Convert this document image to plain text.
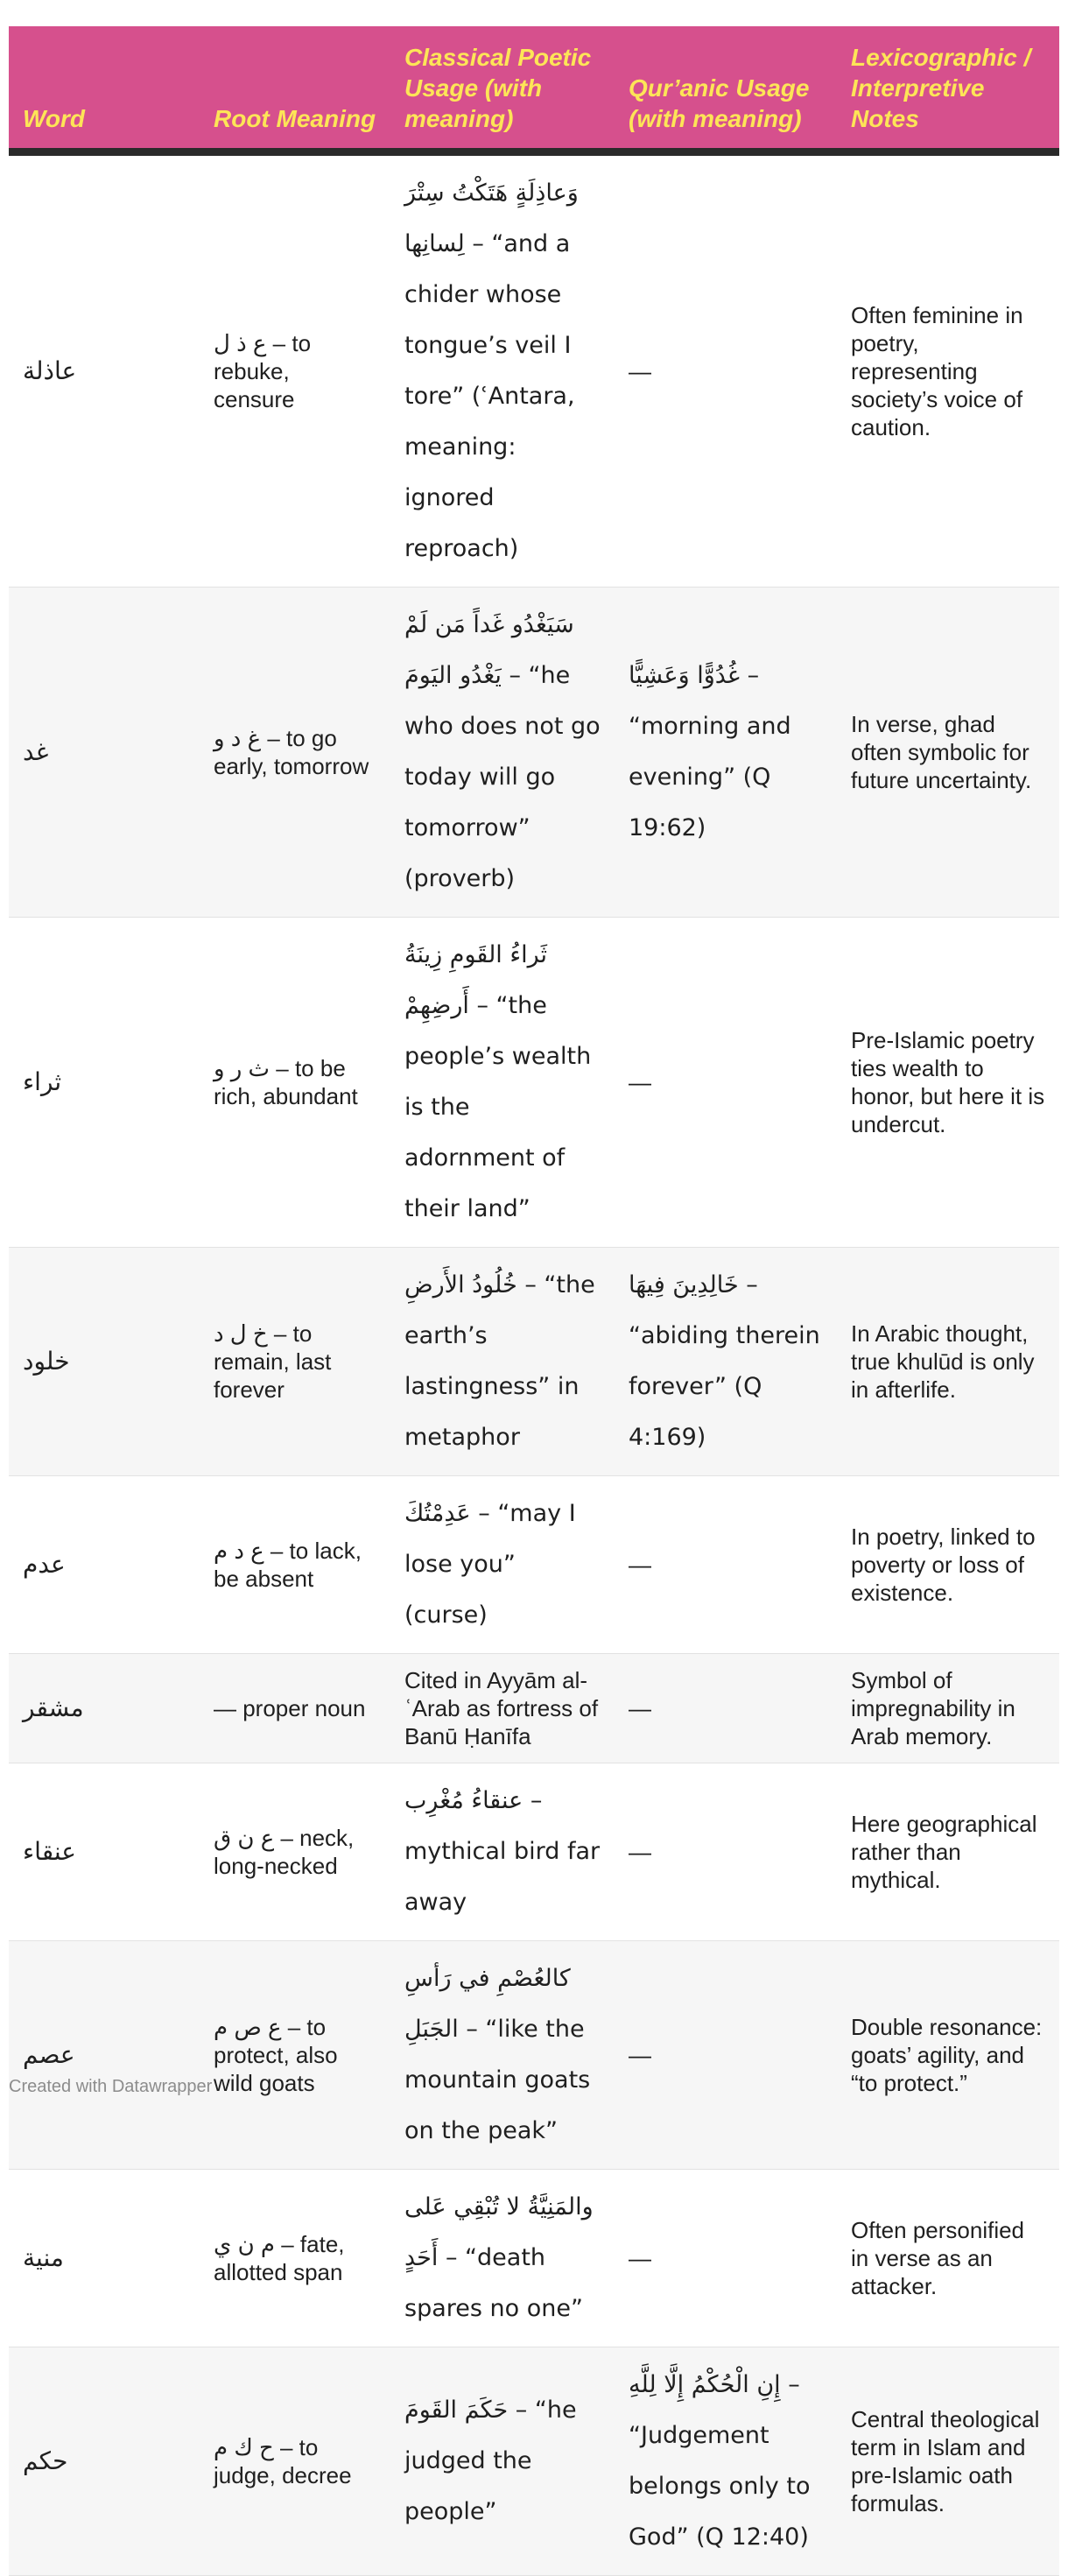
Word	Root Meaning	Classical Poetic Usage (with meaning)	Qur’anic Usage (with meaning)	Lexicographic / Interpretive Notes
عاذلة	ع ذ ل – to rebuke, censure	وَعاذِلَةٍ هَتَكْتُ سِتْرَ لِسانِها – “and a chider whose tongue’s veil I tore” (ʿAntara, meaning: ignored reproach)	—	Often feminine in poetry, representing society’s voice of caution.
غد	غ د و – to go early, tomorrow	سَيَغْدُو غَداً مَن لَمْ يَغْدُو اليَومَ – “he who does not go today will go tomorrow” (proverb)	غُدُوًّا وَعَشِيًّا – “morning and evening” (Q 19:62)	In verse, ghad often symbolic for future uncertainty.
ثراء	ث ر و – to be rich, abundant	ثَراءُ القَومِ زِينَةُ أَرضِهِمْ – “the people’s wealth is the adornment of their land”	—	Pre-Islamic poetry ties wealth to honor, but here it is undercut.
خلود	خ ل د – to remain, last forever	خُلُودُ الأَرضِ – “the earth’s lastingness” in metaphor	خَالِدِينَ فِيهَا – “abiding therein forever” (Q 4:169)	In Arabic thought, true khulūd is only in afterlife.
عدم	ع د م – to lack, be absent	عَدِمْتُكَ – “may I lose you” (curse)	—	In poetry, linked to poverty or loss of existence.
مشقر	— proper noun	Cited in Ayyām al-ʿArab as fortress of Banū Ḥanīfa	—	Symbol of impregnability in Arab memory.
عنقاء	ع ن ق – neck, long-necked	عنقاءُ مُغْرِب – mythical bird far away	—	Here geographical rather than mythical.
عصم	ع ص م – to protect, also wild goats	كالعُصْمِ في رَأسِ الجَبَلِ – “like the mountain goats on the peak”	—	Double resonance: goats’ agility, and “to protect.”
منية	م ن ي – fate, allotted span	والمَنِيَّةُ لا تُبْقِي عَلى أَحَدٍ – “death spares no one”	—	Often personified in verse as an attacker.
حكم	ح ك م – to judge, decree	حَكَمَ القَومَ – “he judged the people”	إِنِ الْحُكْمُ إِلَّا لِلَّهِ – “Judgement belongs only to God” (Q 12:40)	Central theological term in Islam and pre-Islamic oath formulas.
Created with Datawrapper
